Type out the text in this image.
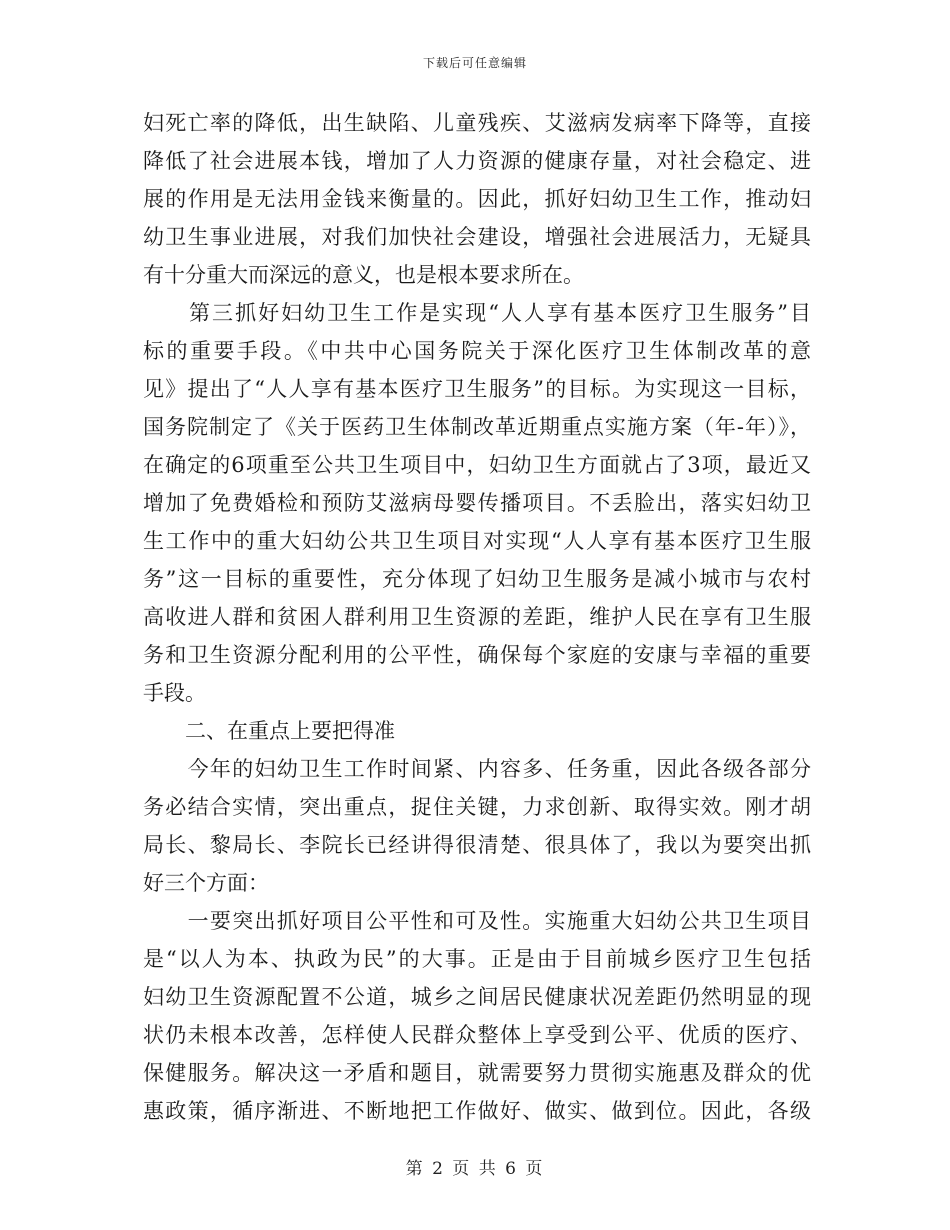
下载后可任意编辑
妇死亡率的降低，出生缺陷、儿童残疾、艾滋病发病率下降等，直接
降低了社会进展本钱，增加了人力资源的健康存量，对社会稳定、进
展的作用是无法用金钱来衡量的。因此，抓好妇幼卫生工作，推动妇
幼卫生事业进展，对我们加快社会建设，增强社会进展活力，无疑具
有十分重大而深远的意义，也是根本要求所在。
　　第三抓好妇幼卫生工作是实现“人人享有基本医疗卫生服务”目
标的重要手段。《中共中心国务院关于深化医疗卫生体制改革的意
见》提出了“人人享有基本医疗卫生服务”的目标。为实现这一目标，
国务院制定了《关于医药卫生体制改革近期重点实施方案（年-年）》，
在确定的6项重至公共卫生项目中，妇幼卫生方面就占了3项，最近又
增加了免费婚检和预防艾滋病母婴传播项目。不丢脸出，落实妇幼卫
生工作中的重大妇幼公共卫生项目对实现“人人享有基本医疗卫生服
务”这一目标的重要性，充分体现了妇幼卫生服务是减小城市与农村
高收进人群和贫困人群利用卫生资源的差距，维护人民在享有卫生服
务和卫生资源分配利用的公平性，确保每个家庭的安康与幸福的重要
手段。
　　二、在重点上要把得准
　　今年的妇幼卫生工作时间紧、内容多、任务重，因此各级各部分
务必结合实情，突出重点，捉住关键，力求创新、取得实效。刚才胡
局长、黎局长、李院长已经讲得很清楚、很具体了，我以为要突出抓
好三个方面：
　　一要突出抓好项目公平性和可及性。实施重大妇幼公共卫生项目
是“以人为本、执政为民”的大事。正是由于目前城乡医疗卫生包括
妇幼卫生资源配置不公道，城乡之间居民健康状况差距仍然明显的现
状仍未根本改善，怎样使人民群众整体上享受到公平、优质的医疗、
保健服务。解决这一矛盾和题目，就需要努力贯彻实施惠及群众的优
惠政策，循序渐进、不断地把工作做好、做实、做到位。因此，各级
第 2 页 共 6 页
